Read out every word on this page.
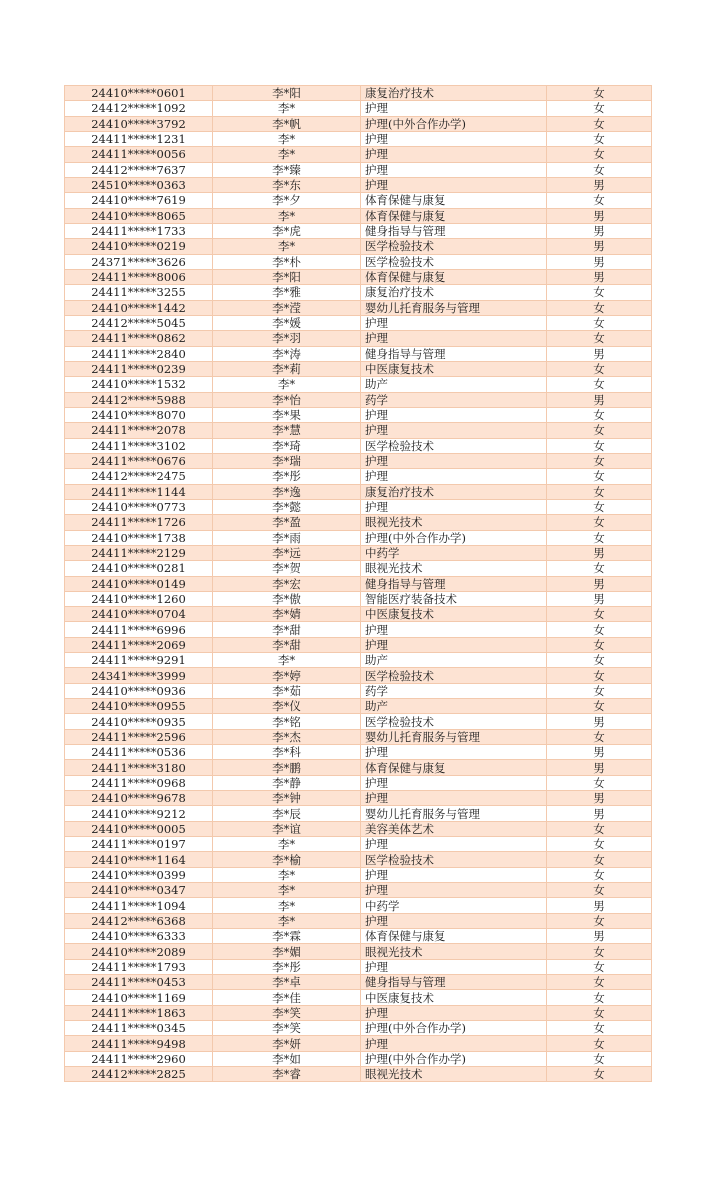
24410*****0601	李*阳	康复治疗技术	女
24412*****1092	李*	护理	女
24410*****3792	李*帆	护理(中外合作办学)	女
24411*****1231	李*	护理	女
24411*****0056	李*	护理	女
24412*****7637	李*臻	护理	女
24510*****0363	李*东	护理	男
24410*****7619	李*夕	体育保健与康复	女
24410*****8065	李*	体育保健与康复	男
24411*****1733	李*虎	健身指导与管理	男
24410*****0219	李*	医学检验技术	男
24371*****3626	李*朴	医学检验技术	男
24411*****8006	李*阳	体育保健与康复	男
24411*****3255	李*雅	康复治疗技术	女
24410*****1442	李*滢	婴幼儿托育服务与管理	女
24412*****5045	李*媛	护理	女
24411*****0862	李*羽	护理	女
24411*****2840	李*涛	健身指导与管理	男
24411*****0239	李*莉	中医康复技术	女
24410*****1532	李*	助产	女
24412*****5988	李*怡	药学	男
24410*****8070	李*果	护理	女
24411*****2078	李*慧	护理	女
24411*****3102	李*琦	医学检验技术	女
24411*****0676	李*瑞	护理	女
24412*****2475	李*彤	护理	女
24411*****1144	李*逸	康复治疗技术	女
24410*****0773	李*懿	护理	女
24411*****1726	李*盈	眼视光技术	女
24410*****1738	李*雨	护理(中外合作办学)	女
24411*****2129	李*远	中药学	男
24410*****0281	李*贺	眼视光技术	女
24410*****0149	李*宏	健身指导与管理	男
24410*****1260	李*傲	智能医疗装备技术	男
24410*****0704	李*婧	中医康复技术	女
24411*****6996	李*甜	护理	女
24411*****2069	李*甜	护理	女
24411*****9291	李*	助产	女
24341*****3999	李*婷	医学检验技术	女
24410*****0936	李*茹	药学	女
24410*****0955	李*仪	助产	女
24410*****0935	李*铭	医学检验技术	男
24411*****2596	李*杰	婴幼儿托育服务与管理	女
24411*****0536	李*科	护理	男
24411*****3180	李*鹏	体育保健与康复	男
24411*****0968	李*静	护理	女
24410*****9678	李*钟	护理	男
24410*****9212	李*辰	婴幼儿托育服务与管理	男
24410*****0005	李*谊	美容美体艺术	女
24411*****0197	李*	护理	女
24410*****1164	李*榆	医学检验技术	女
24410*****0399	李*	护理	女
24410*****0347	李*	护理	女
24411*****1094	李*	中药学	男
24412*****6368	李*	护理	女
24410*****6333	李*霖	体育保健与康复	男
24410*****2089	李*媚	眼视光技术	女
24411*****1793	李*彤	护理	女
24411*****0453	李*卓	健身指导与管理	女
24410*****1169	李*佳	中医康复技术	女
24411*****1863	李*笑	护理	女
24411*****0345	李*笑	护理(中外合作办学)	女
24411*****9498	李*妍	护理	女
24411*****2960	李*如	护理(中外合作办学)	女
24412*****2825	李*睿	眼视光技术	女
